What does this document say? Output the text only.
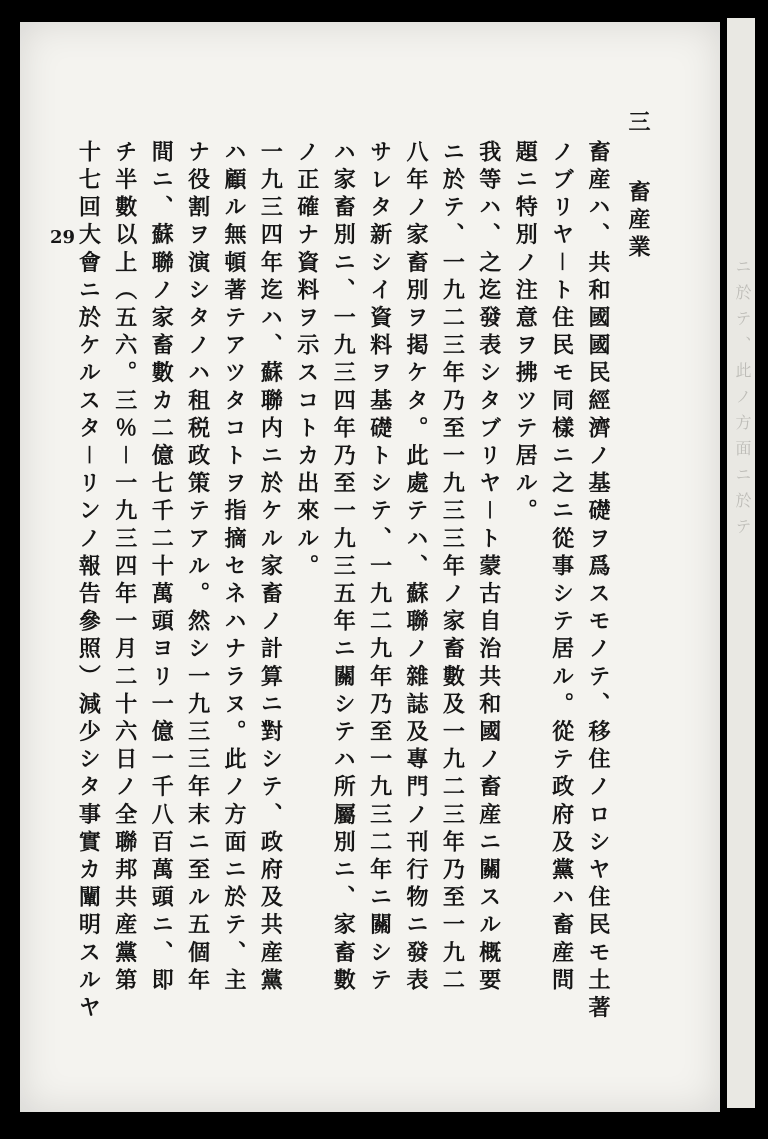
29
三
畜産業
畜産ハ、共和國國民經濟ノ基礎ヲ爲スモノテ、移住ノロシヤ住民モ土著
ノブリヤ－ト住民モ同樣ニ之ニ從事シテ居ル。從テ政府及黨ハ畜産問
題ニ特別ノ注意ヲ拂ツテ居ル。
我等ハ、之迄發表シタブリヤ－ト蒙古自治共和國ノ畜産ニ關スル概要
ニ於テ、一九二三年乃至一九三三年ノ家畜數及一九二三年乃至一九二
八年ノ家畜別ヲ掲ケタ。此處テハ、蘇聯ノ雜誌及專門ノ刊行物ニ發表
サレタ新シイ資料ヲ基礎トシテ、一九二九年乃至一九三二年ニ關シテ
ハ家畜別ニ、一九三四年乃至一九三五年ニ關シテハ所屬別ニ、家畜數
ノ正確ナ資料ヲ示スコトカ出來ル。
一九三四年迄ハ、蘇聯内ニ於ケル家畜ノ計算ニ對シテ、政府及共産黨
ハ顧ル無頓著テアツタコトヲ指摘セネハナラヌ。此ノ方面ニ於テ、主
ナ役割ヲ演シタノハ租税政策テアル。然シ一九三三年末ニ至ル五個年
間ニ、蘇聯ノ家畜數カ二億七千二十萬頭ヨリ一億一千八百萬頭ニ、即
チ半數以上（五六。三％－一九三四年一月二十六日ノ全聯邦共産黨第
十七回大會ニ於ケルスタ－リンノ報告參照）減少シタ事實カ闡明スルヤ	ニ於テ、此ノ方面ニ於テ
